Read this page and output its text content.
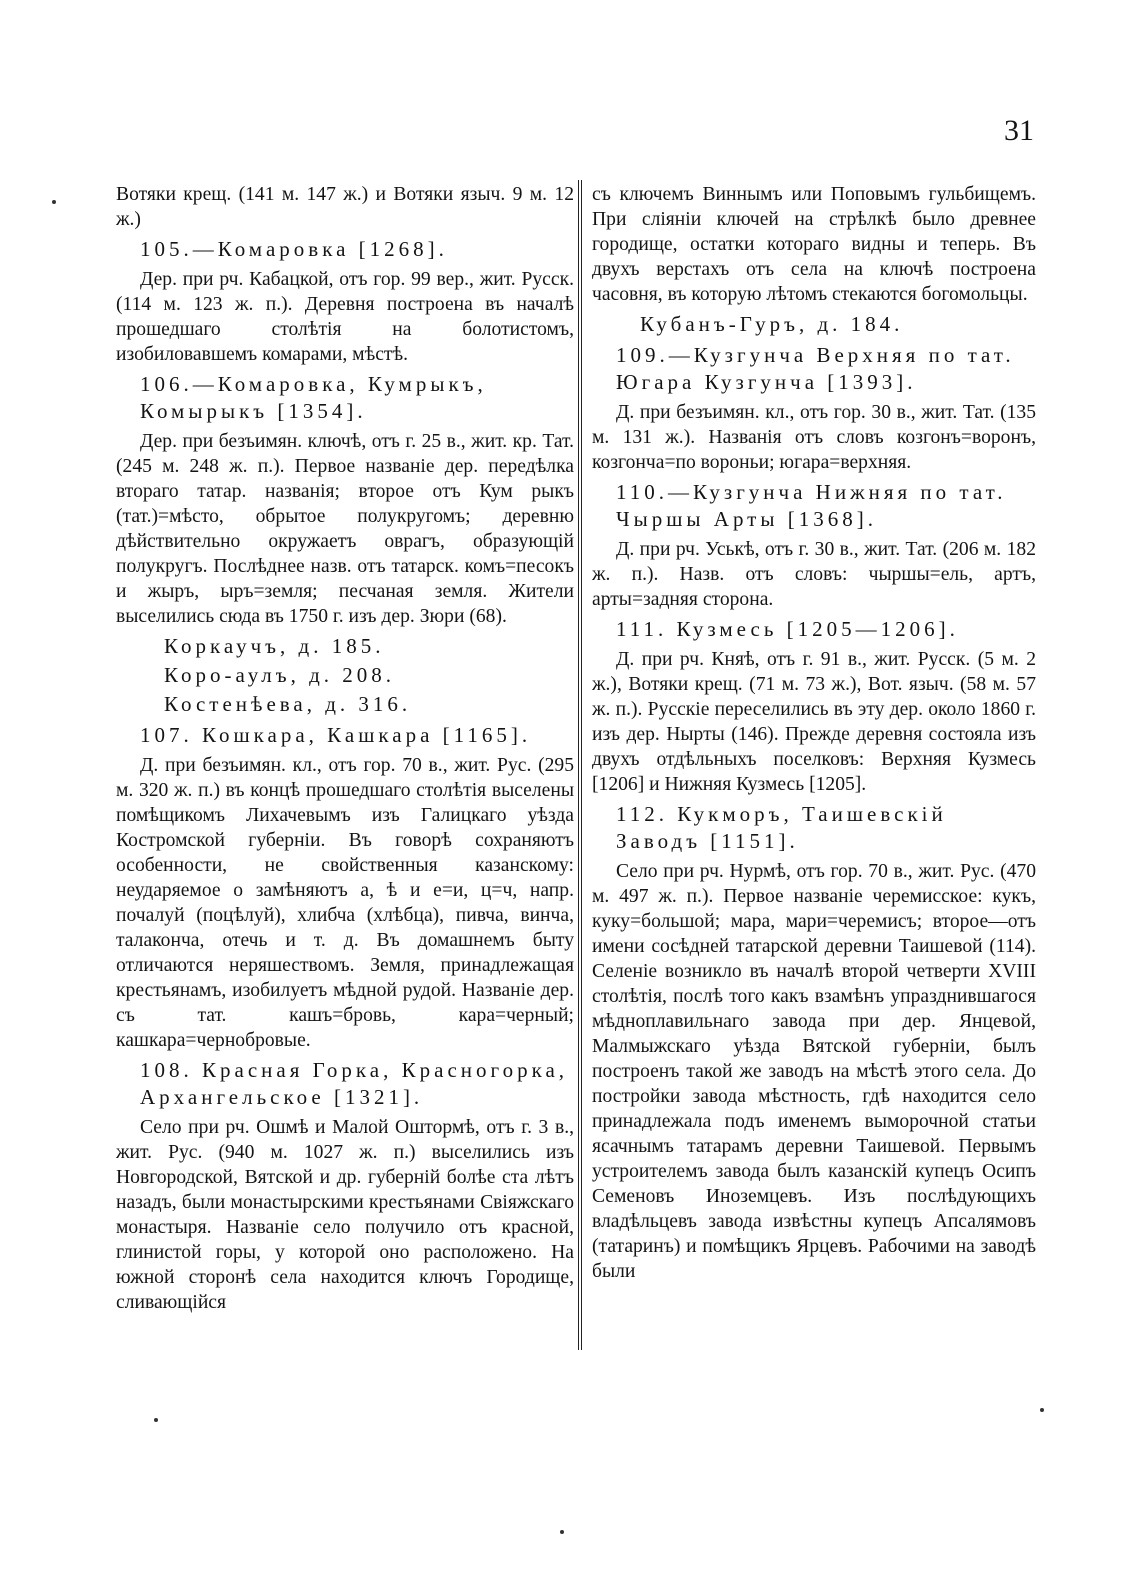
31
Вотяки крещ. (141 м. 147 ж.) и Вотяки языч. 9 м. 12 ж.)
105.—Комаровка [1268].
Дер. при рч. Кабацкой, отъ гор. 99 вер., жит. Русск. (114 м. 123 ж. п.). Деревня построена въ началѣ прошедшаго столѣтія на болотистомъ, изобиловавшемъ комарами, мѣстѣ.
106.—Комаровка, Кумрыкъ, Комырыкъ [1354].
Дер. при безъимян. ключѣ, отъ г. 25 в., жит. кр. Тат. (245 м. 248 ж. п.). Первое названіе дер. передѣлка втораго татар. названія; второе отъ Кум рыкъ (тат.)=мѣсто, обрытое полукругомъ; деревню дѣйствительно окружаетъ оврагъ, образующій полукругъ. Послѣднее назв. отъ татарск. комъ=песокъ и жыръ, ыръ=земля; песчаная земля. Жители выселились сюда въ 1750 г. изъ дер. Зюри (68).
Коркаучъ, д. 185.
Коро-аулъ, д. 208.
Костенѣева, д. 316.
107. Кошкара, Кашкара [1165].
Д. при безъимян. кл., отъ гор. 70 в., жит. Рус. (295 м. 320 ж. п.) въ концѣ прошедшаго столѣтія выселены помѣщикомъ Лихачевымъ изъ Галицкаго уѣзда Костромской губерніи. Въ говорѣ сохраняютъ особенности, не свойственныя казанскому: неударяемое о замѣняютъ а, ѣ и е=и, ц=ч, напр. почалуй (поцѣлуй), хлибча (хлѣбца), пивча, винча, талакончa, отечь и т. д. Въ домашнемъ быту отличаются неряшествомъ. Земля, принадлежащая крестьянамъ, изобилуетъ мѣдной рудой. Названіе дер. съ тат. кашъ=бровь, кара=черный; кашкара=чернобровые.
108. Красная Горка, Красногорка, Архангельское [1321].
Село при рч. Ошмѣ и Малой Оштормѣ, отъ г. 3 в., жит. Рус. (940 м. 1027 ж. п.) выселились изъ Новгородской, Вятской и др. губерній болѣе ста лѣтъ назадъ, были монастырскими крестьянами Свіяжскаго монастыря. Названіе село получило отъ красной, глинистой горы, у которой оно расположено. На южной сторонѣ села находится ключъ Городище, сливающійся
съ ключемъ Виннымъ или Поповымъ гульбищемъ. При сліяніи ключей на стрѣлкѣ было древнее городище, остатки котораго видны и теперь. Въ двухъ верстахъ отъ села на ключѣ построена часовня, въ которую лѣтомъ стекаются богомольцы.
Кубанъ-Гуръ, д. 184.
109.—Кузгунча Верхняя по тат. Югара Кузгунча [1393].
Д. при безъимян. кл., отъ гор. 30 в., жит. Тат. (135 м. 131 ж.). Названія отъ словъ козгонъ=воронъ, козгонча=по вороньи; югара=верхняя.
110.—Кузгунча Нижняя по тат. Чыршы Арты [1368].
Д. при рч. Уськѣ, отъ г. 30 в., жит. Тат. (206 м. 182 ж. п.). Назв. отъ словъ: чыршы=ель, артъ, арты=задняя сторона.
111. Кузмесь [1205—1206].
Д. при рч. Княѣ, отъ г. 91 в., жит. Русск. (5 м. 2 ж.), Вотяки крещ. (71 м. 73 ж.), Вот. языч. (58 м. 57 ж. п.). Русскіе переселились въ эту дер. около 1860 г. изъ дер. Нырты (146). Прежде деревня состояла изъ двухъ отдѣльныхъ поселковъ: Верхняя Кузмесь [1206] и Нижняя Кузмесь [1205].
112. Кукморъ, Таишевскій Заводъ [1151].
Село при рч. Нурмѣ, отъ гор. 70 в., жит. Рус. (470 м. 497 ж. п.). Первое названіе черемисское: кукъ, куку=большой; мара, мари=черемисъ; второе—отъ имени сосѣдней татарской деревни Таишевой (114). Селеніе возникло въ началѣ второй четверти XVIII столѣтія, послѣ того какъ взамѣнъ упразднившагося мѣдноплавильнаго завода при дер. Янцевой, Малмыжскаго уѣзда Вятской губерніи, былъ построенъ такой же заводъ на мѣстѣ этого села. До постройки завода мѣстность, гдѣ находится село принадлежала подъ именемъ выморочной статьи ясачнымъ татарамъ деревни Таишевой. Первымъ устроителемъ завода былъ казанскій купецъ Осипъ Семеновъ Иноземцевъ. Изъ послѣдующихъ владѣльцевъ завода извѣстны купецъ Апсалямовъ (татаринъ) и помѣщикъ Ярцевъ. Рабочими на заводѣ были
